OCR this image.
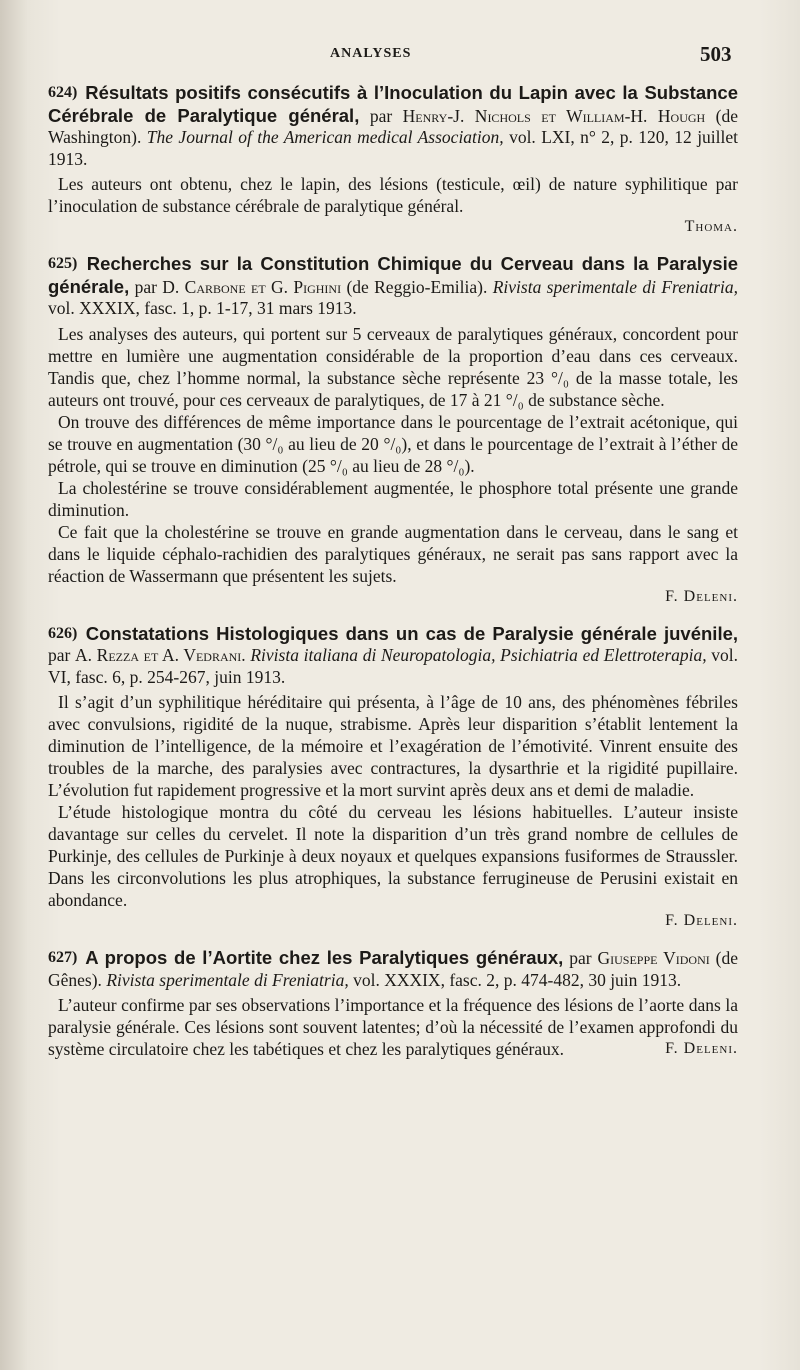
ANALYSES	503

624) Résultats positifs consécutifs à l’Inoculation du Lapin avec la Substance Cérébrale de Paralytique général, par Henry-J. Nichols et William-H. Hough (de Washington). The Journal of the American medical Association, vol. LXI, n° 2, p. 120, 12 juillet 1913.

Les auteurs ont obtenu, chez le lapin, des lésions (testicule, œil) de nature syphilitique par l’inoculation de substance cérébrale de paralytique général.

Thoma.

625) Recherches sur la Constitution Chimique du Cerveau dans la Paralysie générale, par D. Carbone et G. Pighini (de Reggio-Emilia). Rivista sperimentale di Freniatria, vol. XXXIX, fasc. 1, p. 1-17, 31 mars 1913.

Les analyses des auteurs, qui portent sur 5 cerveaux de paralytiques généraux, concordent pour mettre en lumière une augmentation considérable de la proportion d’eau dans ces cerveaux. Tandis que, chez l’homme normal, la substance sèche représente 23 °/₀ de la masse totale, les auteurs ont trouvé, pour ces cerveaux de paralytiques, de 17 à 21 °/₀ de substance sèche.

On trouve des différences de même importance dans le pourcentage de l’extrait acétonique, qui se trouve en augmentation (30 °/₀ au lieu de 20 °/₀), et dans le pourcentage de l’extrait à l’éther de pétrole, qui se trouve en diminution (25 °/₀ au lieu de 28 °/₀).

La cholestérine se trouve considérablement augmentée, le phosphore total présente une grande diminution.

Ce fait que la cholestérine se trouve en grande augmentation dans le cerveau, dans le sang et dans le liquide céphalo-rachidien des paralytiques généraux, ne serait pas sans rapport avec la réaction de Wassermann que présentent les sujets.

F. Deleni.

626) Constatations Histologiques dans un cas de Paralysie générale juvénile, par A. Rezza et A. Vedrani. Rivista italiana di Neuropatologia, Psichiatria ed Elettroterapia, vol. VI, fasc. 6, p. 254-267, juin 1913.

Il s’agit d’un syphilitique héréditaire qui présenta, à l’âge de 10 ans, des phénomènes fébriles avec convulsions, rigidité de la nuque, strabisme. Après leur disparition s’établit lentement la diminution de l’intelligence, de la mémoire et l’exagération de l’émotivité. Vinrent ensuite des troubles de la marche, des paralysies avec contractures, la dysarthrie et la rigidité pupillaire. L’évolution fut rapidement progressive et la mort survint après deux ans et demi de maladie.

L’étude histologique montra du côté du cerveau les lésions habituelles. L’auteur insiste davantage sur celles du cervelet. Il note la disparition d’un très grand nombre de cellules de Purkinje, des cellules de Purkinje à deux noyaux et quelques expansions fusiformes de Straussler. Dans les circonvolutions les plus atrophiques, la substance ferrugineuse de Perusini existait en abondance.

F. Deleni.

627) A propos de l’Aortite chez les Paralytiques généraux, par Giuseppe Vidoni (de Gênes). Rivista sperimentale di Freniatria, vol. XXXIX, fasc. 2, p. 474-482, 30 juin 1913.

L’auteur confirme par ses observations l’importance et la fréquence des lésions de l’aorte dans la paralysie générale. Ces lésions sont souvent latentes; d’où la nécessité de l’examen approfondi du système circulatoire chez les tabétiques et chez les paralytiques généraux.	F. Deleni.
